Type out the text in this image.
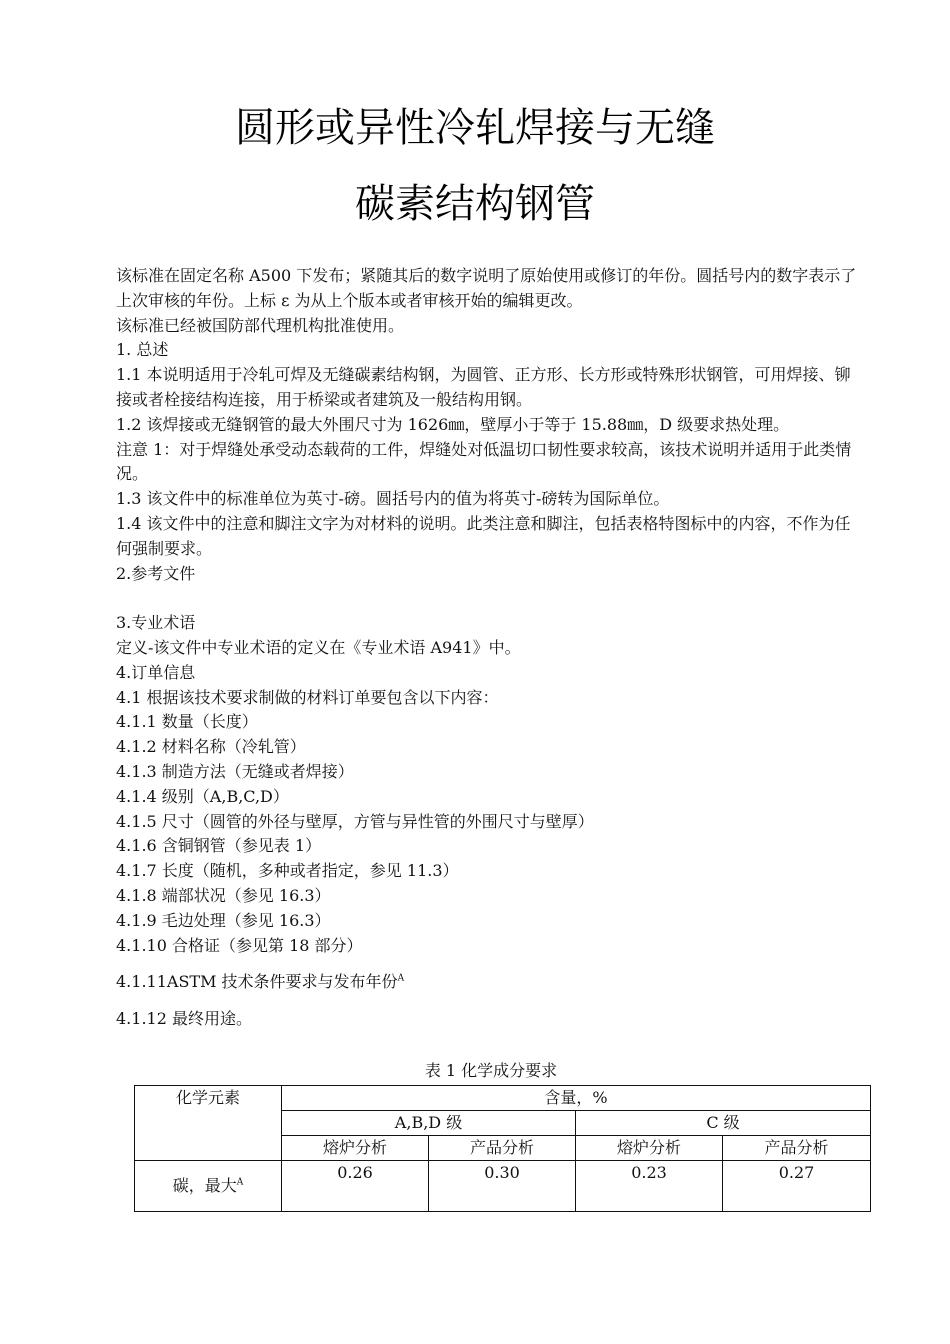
圆形或异性冷轧焊接与无缝
碳素结构钢管

该标准在固定名称 A500 下发布；紧随其后的数字说明了原始使用或修订的年份。圆括号内的数字表示了上次审核的年份。上标 ε 为从上个版本或者审核开始的编辑更改。

该标准已经被国防部代理机构批准使用。

1. 总述

1.1 本说明适用于冷轧可焊及无缝碳素结构钢，为圆管、正方形、长方形或特殊形状钢管，可用焊接、铆接或者栓接结构连接，用于桥梁或者建筑及一般结构用钢。

1.2 该焊接或无缝钢管的最大外围尺寸为 1626㎜，壁厚小于等于 15.88㎜，D 级要求热处理。

注意 1：对于焊缝处承受动态载荷的工件，焊缝处对低温切口韧性要求较高，该技术说明并适用于此类情况。

1.3 该文件中的标准单位为英寸-磅。圆括号内的值为将英寸-磅转为国际单位。

1.4 该文件中的注意和脚注文字为对材料的说明。此类注意和脚注，包括表格特图标中的内容，不作为任何强制要求。

2.参考文件

3.专业术语

定义-该文件中专业术语的定义在《专业术语 A941》中。

4.订单信息

4.1 根据该技术要求制做的材料订单要包含以下内容：

4.1.1 数量（长度）

4.1.2 材料名称（冷轧管）

4.1.3 制造方法（无缝或者焊接）

4.1.4 级别（A,B,C,D）

4.1.5 尺寸（圆管的外径与壁厚，方管与异性管的外围尺寸与壁厚）

4.1.6 含铜钢管（参见表 1）

4.1.7 长度（随机，多种或者指定，参见 11.3）

4.1.8 端部状况（参见 16.3）

4.1.9 毛边处理（参见 16.3）

4.1.10 合格证（参见第 18 部分）

4.1.11ASTM 技术条件要求与发布年份$^A$

4.1.12 最终用途。

表 1 化学成分要求
化学元素	含量，%			
	A,B,D 级		C 级	
	熔炉分析	产品分析	熔炉分析	产品分析
碳，最大$^A$	0.26	0.30	0.23	0.27
